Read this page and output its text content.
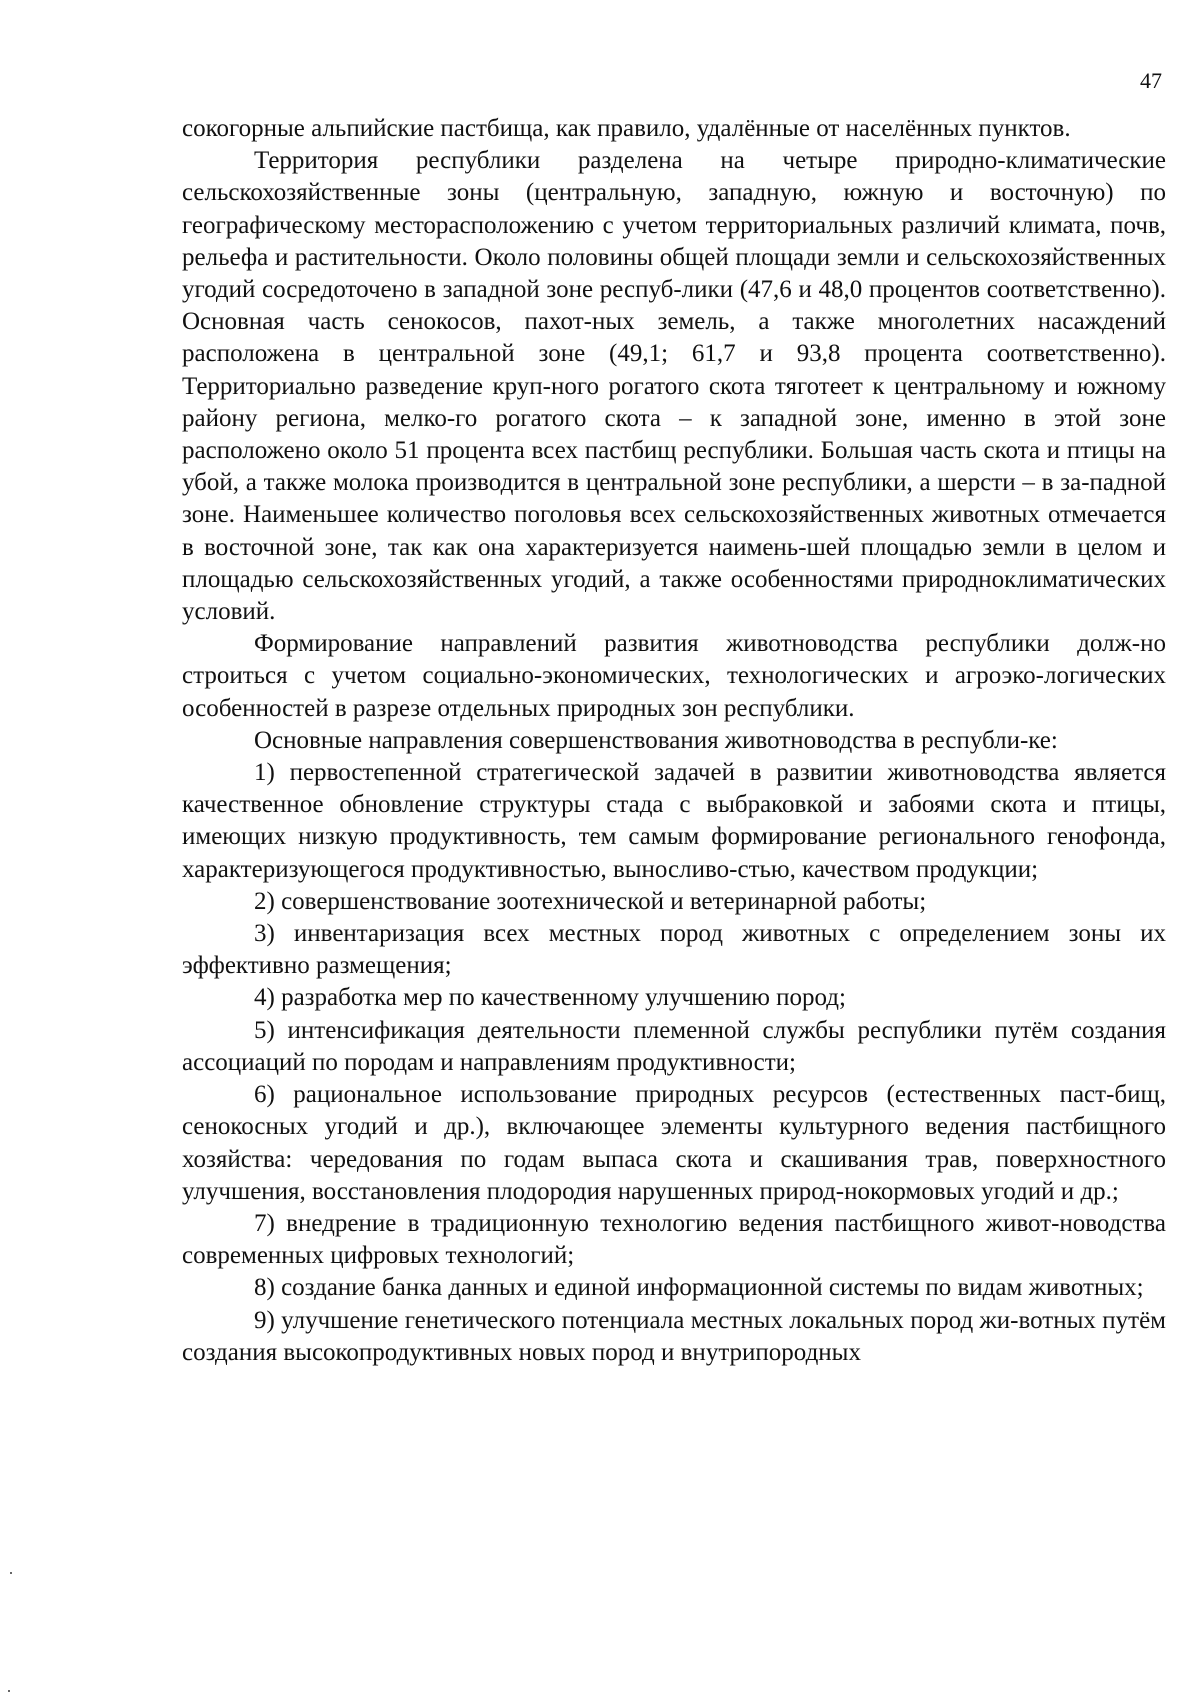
47

сокогорные альпийские пастбища, как правило, удалённые от населённых пунктов.

Территория республики разделена на четыре природно-климатические сельскохозяйственные зоны (центральную, западную, южную и восточную) по географическому месторасположению с учетом территориальных различий климата, почв, рельефа и растительности. Около половины общей площади земли и сельскохозяйственных угодий сосредоточено в западной зоне респуб-лики (47,6 и 48,0 процентов соответственно). Основная часть сенокосов, пахот-ных земель, а также многолетних насаждений расположена в центральной зоне (49,1; 61,7 и 93,8 процента соответственно). Территориально разведение круп-ного рогатого скота тяготеет к центральному и южному району региона, мелко-го рогатого скота – к западной зоне, именно в этой зоне расположено около 51 процента всех пастбищ республики. Большая часть скота и птицы на убой, а также молока производится в центральной зоне республики, а шерсти – в за-падной зоне. Наименьшее количество поголовья всех сельскохозяйственных животных отмечается в восточной зоне, так как она характеризуется наимень-шей площадью земли в целом и площадью сельскохозяйственных угодий, а также особенностями природноклиматических условий.

Формирование направлений развития животноводства республики долж-но строиться с учетом социально-экономических, технологических и агроэко-логических особенностей в разрезе отдельных природных зон республики.

Основные направления совершенствования животноводства в республи-ке:

1) первостепенной стратегической задачей в развитии животноводства является качественное обновление структуры стада с выбраковкой и забоями скота и птицы, имеющих низкую продуктивность, тем самым формирование регионального генофонда, характеризующегося продуктивностью, выносливо-стью, качеством продукции;

2) совершенствование зоотехнической и ветеринарной работы;

3) инвентаризация всех местных пород животных с определением зоны их эффективно размещения;

4) разработка мер по качественному улучшению пород;

5) интенсификация деятельности племенной службы республики путём создания ассоциаций по породам и направлениям продуктивности;

6) рациональное использование природных ресурсов (естественных паст-бищ, сенокосных угодий и др.), включающее элементы культурного ведения пастбищного хозяйства: чередования по годам выпаса скота и скашивания трав, поверхностного улучшения, восстановления плодородия нарушенных природ-нокормовых угодий и др.;

7) внедрение в традиционную технологию ведения пастбищного живот-новодства современных цифровых технологий;

8) создание банка данных и единой информационной системы по видам животных;

9) улучшение генетического потенциала местных локальных пород жи-вотных путём создания высокопродуктивных новых пород и внутрипородных
